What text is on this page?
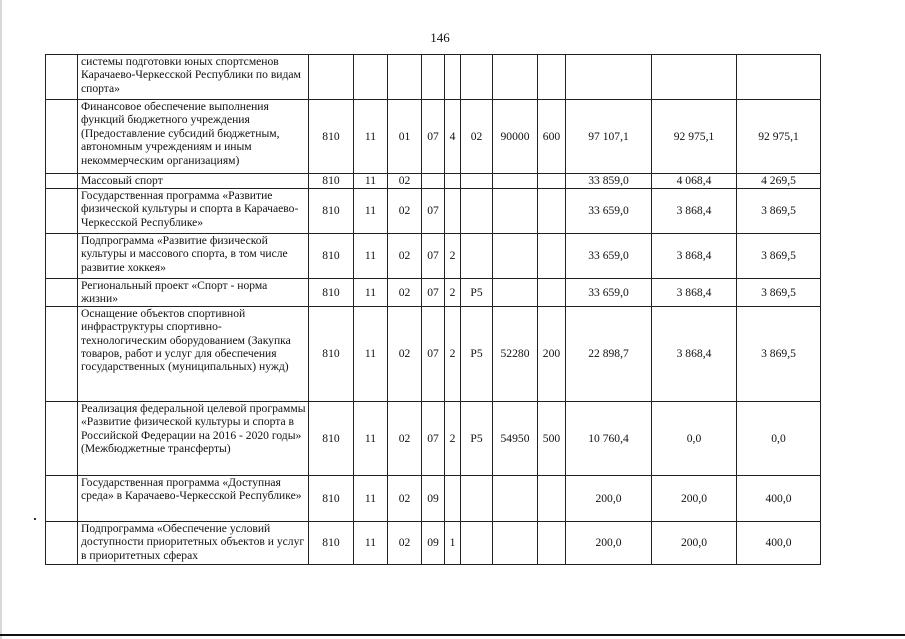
146
	системы подготовки юных спортсменов Карачаево-Черкесской Республики по видам спорта»											
	Финансовое обеспечение выполнения функций бюджетного учреждения (Предоставление субсидий бюджетным, автономным учреждениям и иным некоммерческим организациям)	810	11	01	07	4	02	90000	600	97 107,1	92 975,1	92 975,1
	Массовый спорт	810	11	02						33 859,0	4 068,4	4 269,5
	Государственная программа «Развитие физической культуры и спорта в Карачаево-Черкесской Республике»	810	11	02	07					33 659,0	3 868,4	3 869,5
	Подпрограмма «Развитие физической культуры и массового спорта, в том числе развитие хоккея»	810	11	02	07	2				33 659,0	3 868,4	3 869,5
	Региональный проект «Спорт - норма жизни»	810	11	02	07	2	P5			33 659,0	3 868,4	3 869,5
	Оснащение объектов спортивной инфраструктуры спортивно-технологическим оборудованием (Закупка товаров, работ и услуг для обеспечения государственных (муниципальных) нужд)	810	11	02	07	2	P5	52280	200	22 898,7	3 868,4	3 869,5
	Реализация федеральной целевой программы «Развитие физической культуры и спорта в Российской Федерации на 2016 - 2020 годы» (Межбюджетные трансферты)	810	11	02	07	2	P5	54950	500	10 760,4	0,0	0,0
	Государственная программа «Доступная среда» в Карачаево-Черкесской Республике»	810	11	02	09					200,0	200,0	400,0
	Подпрограмма «Обеспечение условий доступности приоритетных объектов и услуг в приоритетных сферах	810	11	02	09	1				200,0	200,0	400,0
